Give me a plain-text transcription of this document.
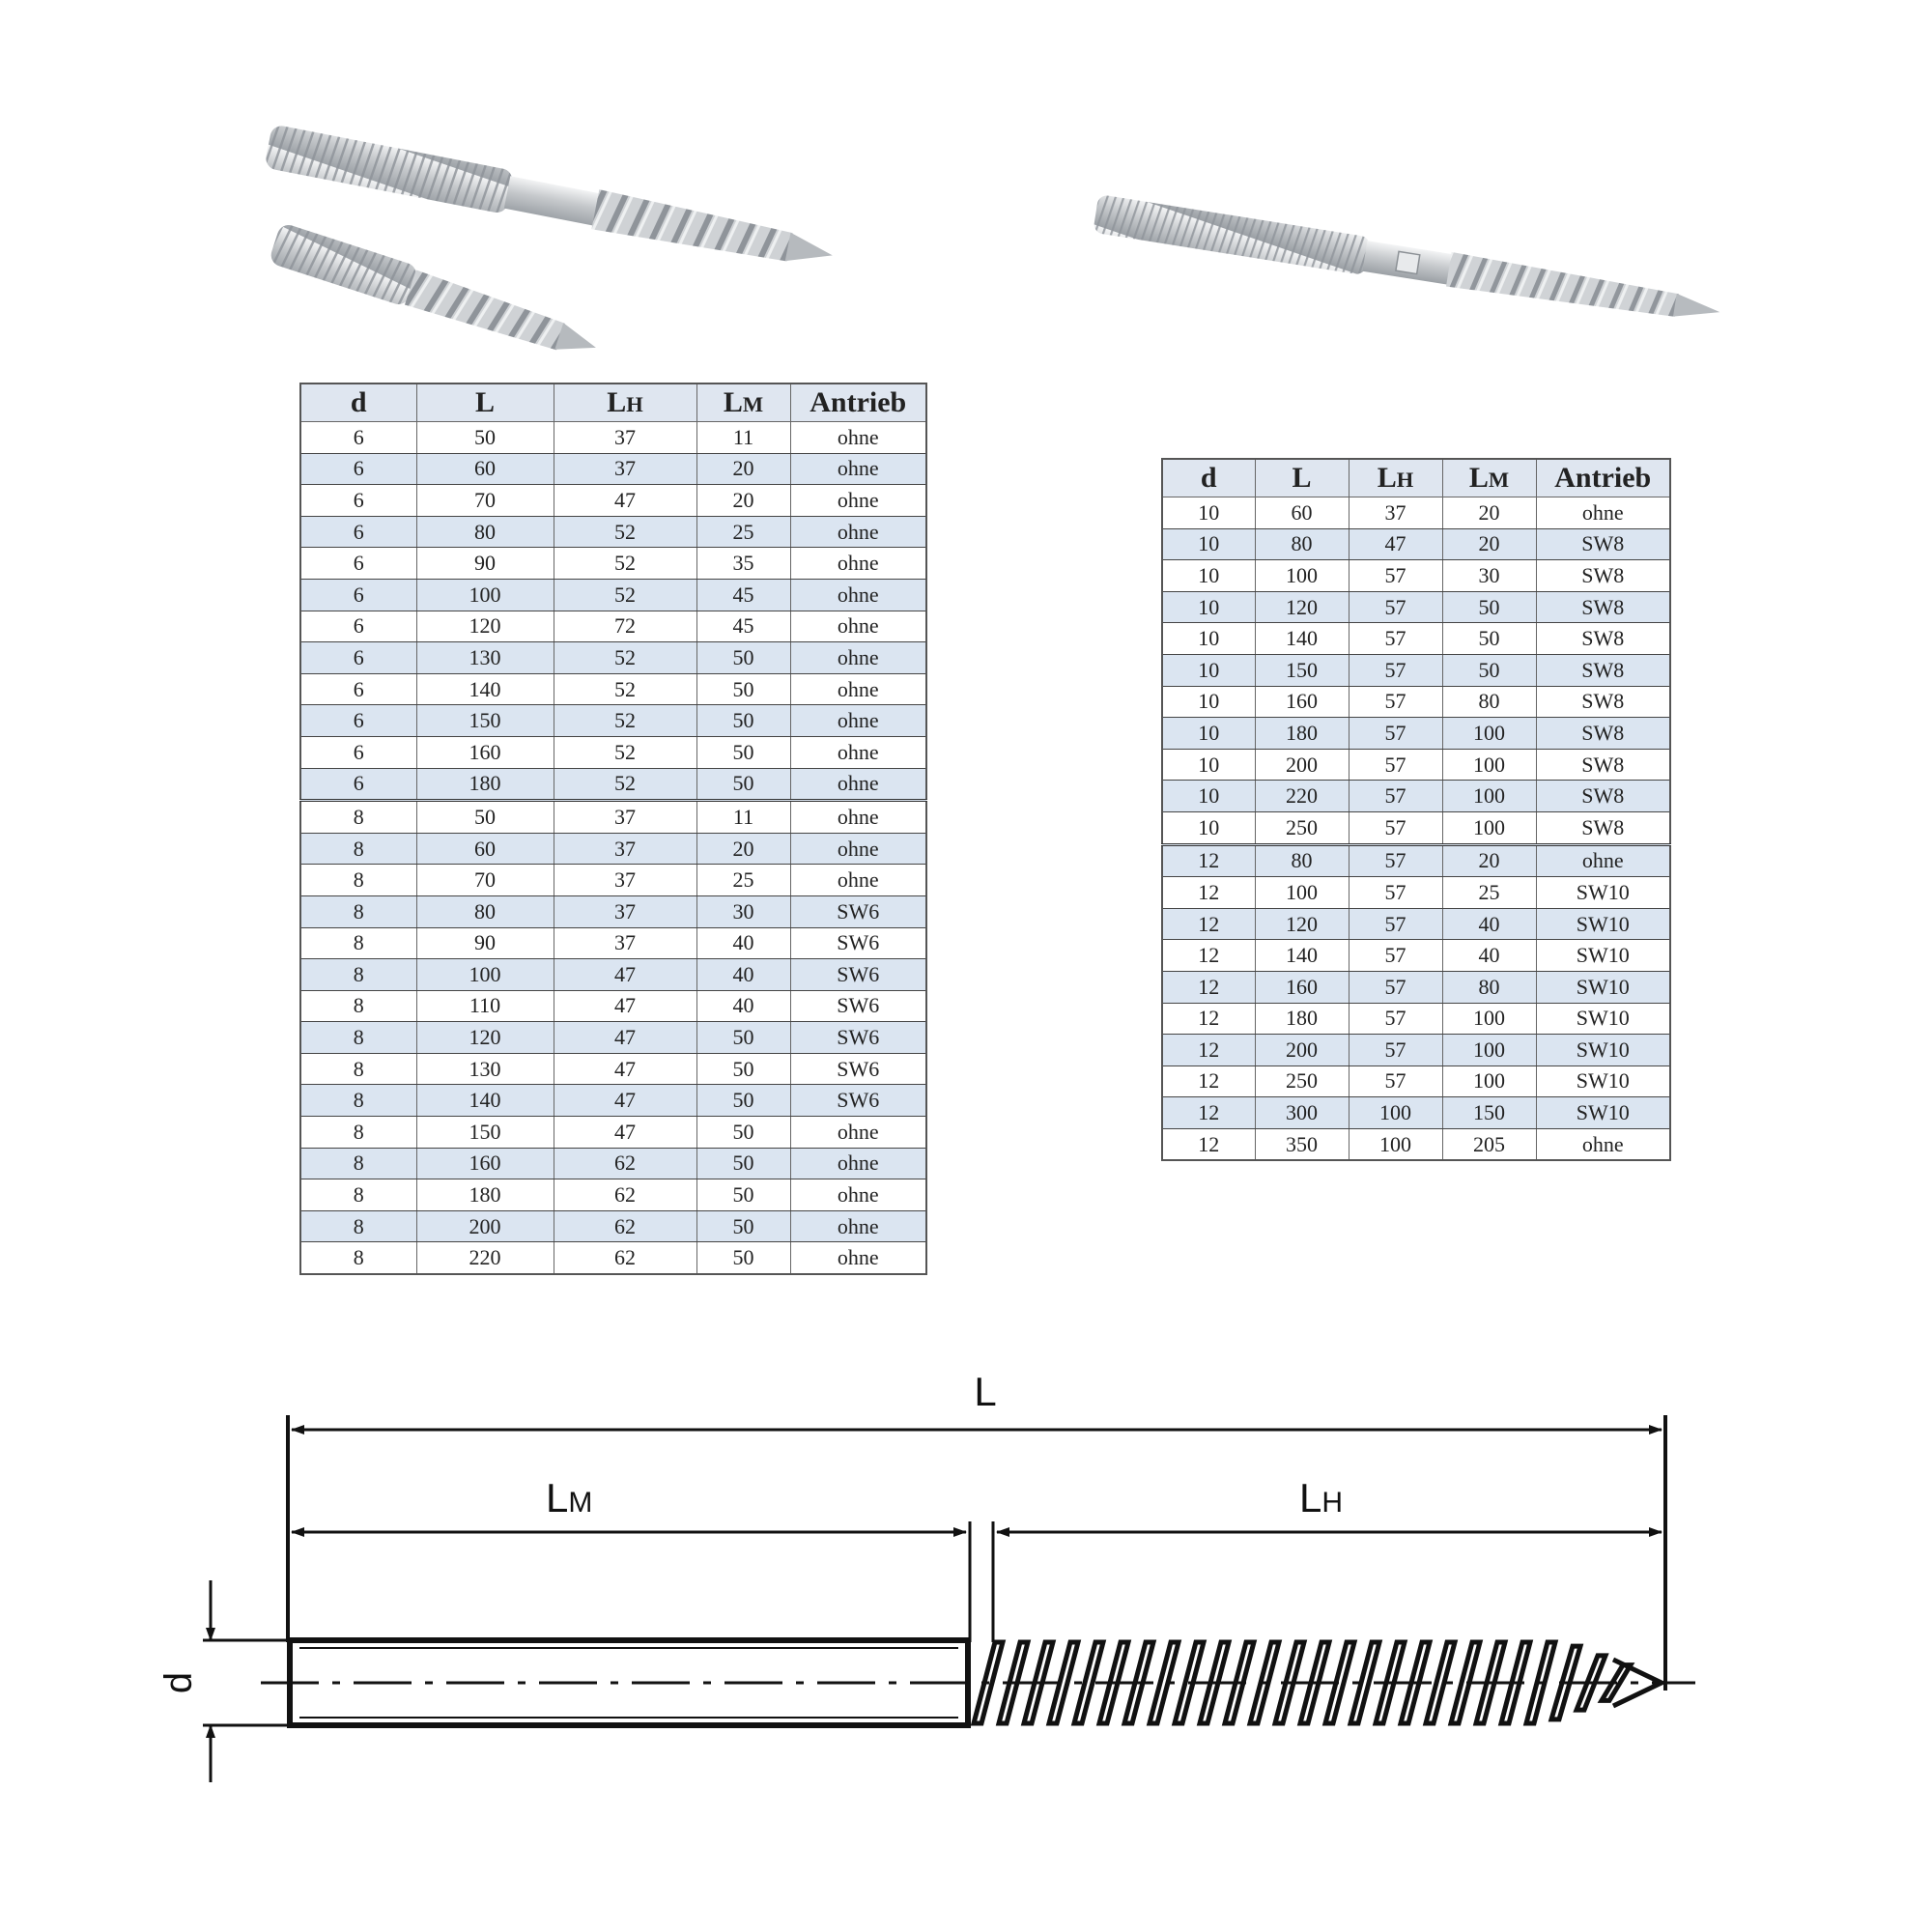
d	L	LH	LM	Antrieb
6	50	37	11	ohne
6	60	37	20	ohne
6	70	47	20	ohne
6	80	52	25	ohne
6	90	52	35	ohne
6	100	52	45	ohne
6	120	72	45	ohne
6	130	52	50	ohne
6	140	52	50	ohne
6	150	52	50	ohne
6	160	52	50	ohne
6	180	52	50	ohne
8	50	37	11	ohne
8	60	37	20	ohne
8	70	37	25	ohne
8	80	37	30	SW6
8	90	37	40	SW6
8	100	47	40	SW6
8	110	47	40	SW6
8	120	47	50	SW6
8	130	47	50	SW6
8	140	47	50	SW6
8	150	47	50	ohne
8	160	62	50	ohne
8	180	62	50	ohne
8	200	62	50	ohne
8	220	62	50	ohne
d	L	LH	LM	Antrieb
10	60	37	20	ohne
10	80	47	20	SW8
10	100	57	30	SW8
10	120	57	50	SW8
10	140	57	50	SW8
10	150	57	50	SW8
10	160	57	80	SW8
10	180	57	100	SW8
10	200	57	100	SW8
10	220	57	100	SW8
10	250	57	100	SW8
12	80	57	20	ohne
12	100	57	25	SW10
12	120	57	40	SW10
12	140	57	40	SW10
12	160	57	80	SW10
12	180	57	100	SW10
12	200	57	100	SW10
12	250	57	100	SW10
12	300	100	150	SW10
12	350	100	205	ohne
L
LM	LH
d
